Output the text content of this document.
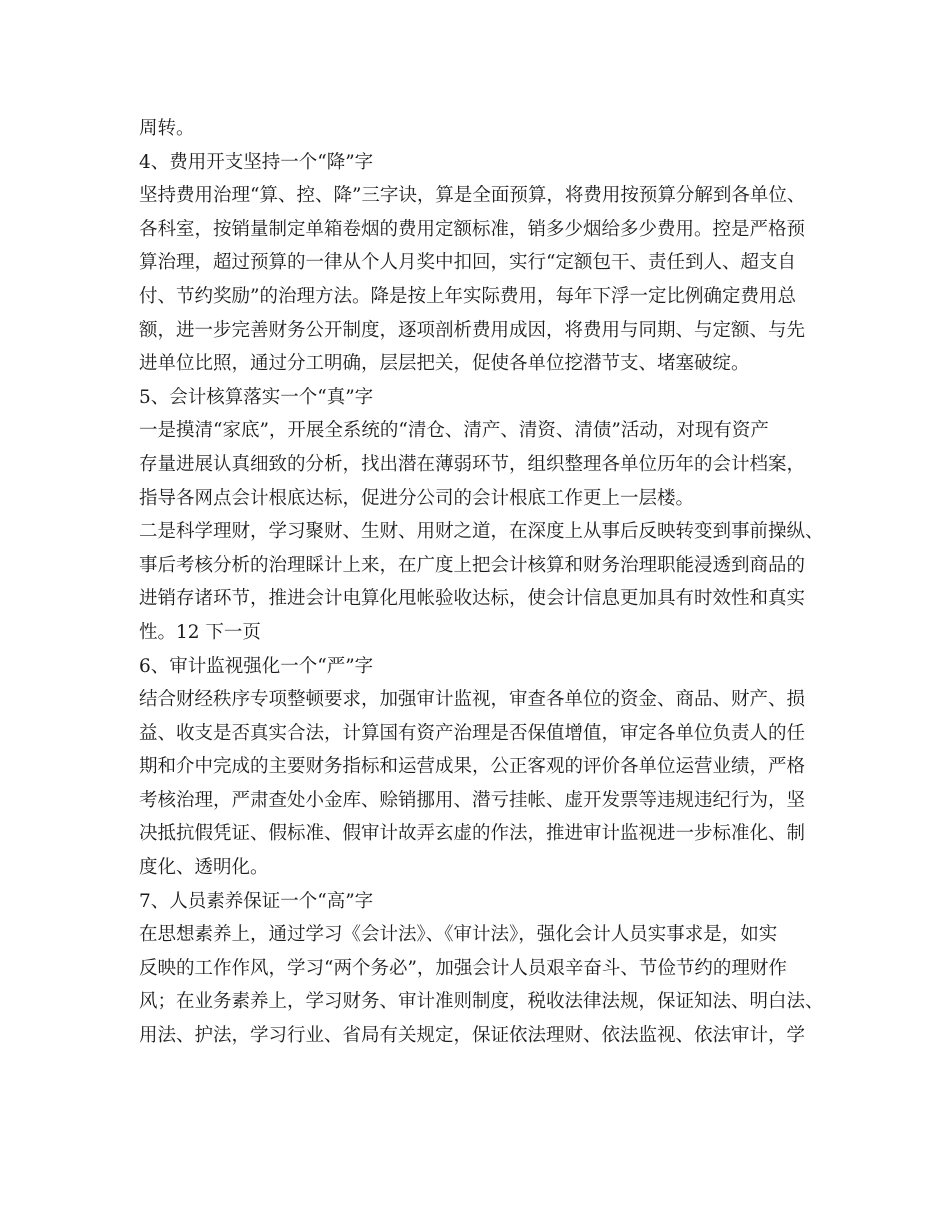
周转。
4、费用开支坚持一个“降”字
坚持费用治理“算、控、降”三字诀，算是全面预算，将费用按预算分解到各单位、
各科室，按销量制定单箱卷烟的费用定额标准，销多少烟给多少费用。控是严格预
算治理，超过预算的一律从个人月奖中扣回，实行“定额包干、责任到人、超支自
付、节约奖励”的治理方法。降是按上年实际费用，每年下浮一定比例确定费用总
额，进一步完善财务公开制度，逐项剖析费用成因，将费用与同期、与定额、与先
进单位比照，通过分工明确，层层把关，促使各单位挖潜节支、堵塞破绽。
5、会计核算落实一个“真”字
一是摸清“家底”，开展全系统的“清仓、清产、清资、清债”活动，对现有资产
存量进展认真细致的分析，找出潜在薄弱环节，组织整理各单位历年的会计档案，
指导各网点会计根底达标，促进分公司的会计根底工作更上一层楼。
二是科学理财，学习聚财、生财、用财之道，在深度上从事后反映转变到事前操纵、
事后考核分析的治理睬计上来，在广度上把会计核算和财务治理职能浸透到商品的
进销存诸环节，推进会计电算化甩帐验收达标，使会计信息更加具有时效性和真实
性。12 下一页
6、审计监视强化一个“严”字
结合财经秩序专项整顿要求，加强审计监视，审查各单位的资金、商品、财产、损
益、收支是否真实合法，计算国有资产治理是否保值增值，审定各单位负责人的任
期和介中完成的主要财务指标和运营成果，公正客观的评价各单位运营业绩，严格
考核治理，严肃查处小金库、赊销挪用、潜亏挂帐、虚开发票等违规违纪行为，坚
决抵抗假凭证、假标准、假审计故弄玄虚的作法，推进审计监视进一步标准化、制
度化、透明化。
7、人员素养保证一个“高”字
在思想素养上，通过学习《会计法》、《审计法》，强化会计人员实事求是，如实
反映的工作作风，学习“两个务必”，加强会计人员艰辛奋斗、节俭节约的理财作
风；在业务素养上，学习财务、审计准则制度，税收法律法规，保证知法、明白法、
用法、护法，学习行业、省局有关规定，保证依法理财、依法监视、依法审计，学
